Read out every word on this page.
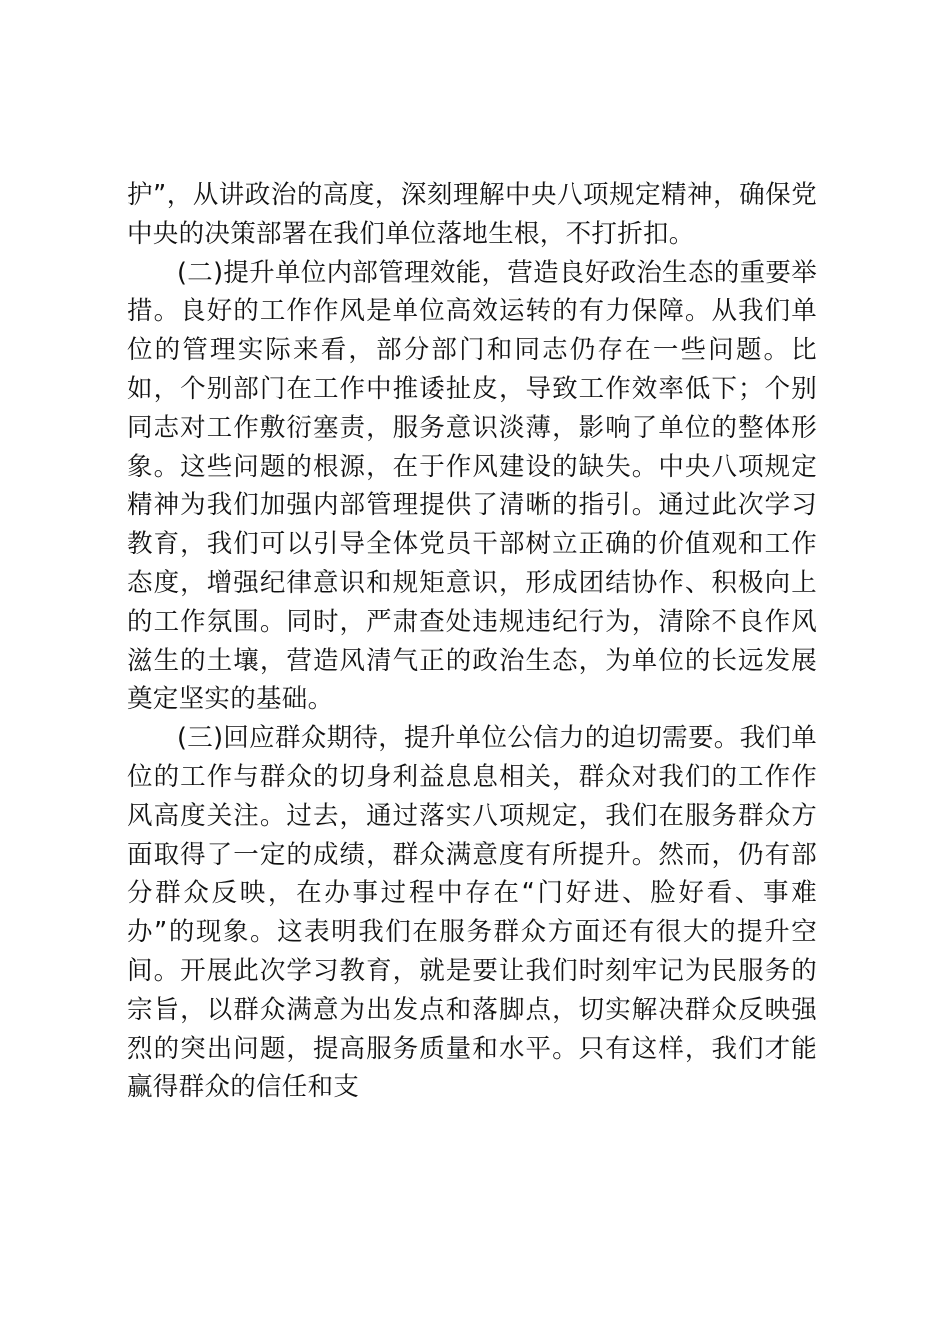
护”，从讲政治的高度，深刻理解中央八项规定精神，确保党中央的决策部署在我们单位落地生根，不打折扣。

(二)提升单位内部管理效能，营造良好政治生态的重要举措。良好的工作作风是单位高效运转的有力保障。从我们单位的管理实际来看，部分部门和同志仍存在一些问题。比如，个别部门在工作中推诿扯皮，导致工作效率低下；个别同志对工作敷衍塞责，服务意识淡薄，影响了单位的整体形象。这些问题的根源，在于作风建设的缺失。中央八项规定精神为我们加强内部管理提供了清晰的指引。通过此次学习教育，我们可以引导全体党员干部树立正确的价值观和工作态度，增强纪律意识和规矩意识，形成团结协作、积极向上的工作氛围。同时，严肃查处违规违纪行为，清除不良作风滋生的土壤，营造风清气正的政治生态，为单位的长远发展奠定坚实的基础。

(三)回应群众期待，提升单位公信力的迫切需要。我们单位的工作与群众的切身利益息息相关，群众对我们的工作作风高度关注。过去，通过落实八项规定，我们在服务群众方面取得了一定的成绩，群众满意度有所提升。然而，仍有部分群众反映，在办事过程中存在“门好进、脸好看、事难办”的现象。这表明我们在服务群众方面还有很大的提升空间。开展此次学习教育，就是要让我们时刻牢记为民服务的宗旨，以群众满意为出发点和落脚点，切实解决群众反映强烈的突出问题，提高服务质量和水平。只有这样，我们才能赢得群众的信任和支
